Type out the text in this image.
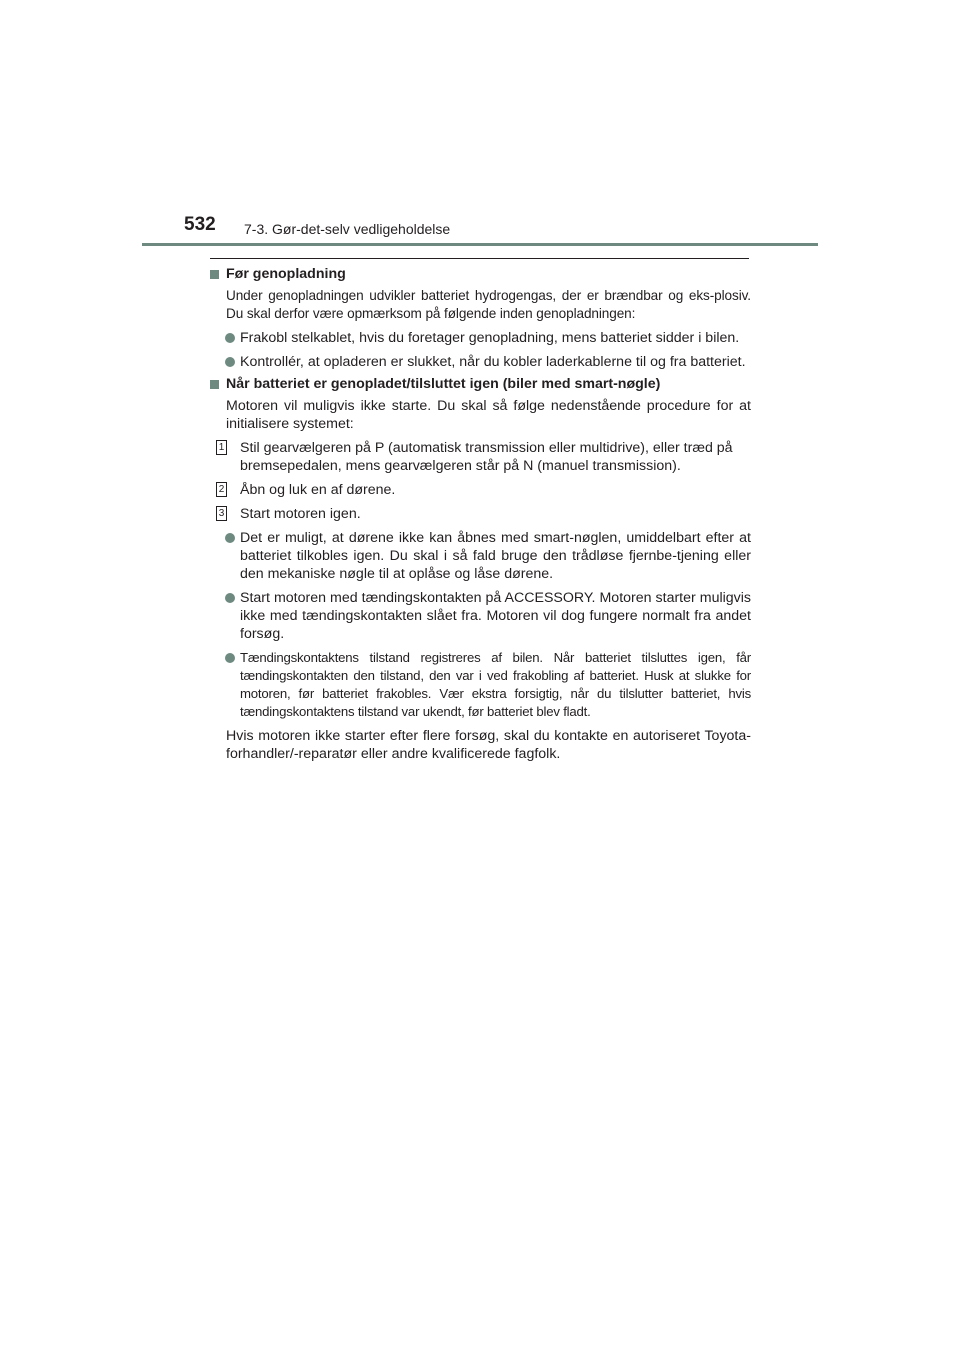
532 7-3. Gør-det-selv vedligeholdelse
Før genopladning
Under genopladningen udvikler batteriet hydrogengas, der er brændbar og eks-plosiv. Du skal derfor være opmærksom på følgende inden genopladningen:
Frakobl stelkablet, hvis du foretager genopladning, mens batteriet sidder i bilen.
Kontrollér, at opladeren er slukket, når du kobler laderkablerne til og fra batteriet.
Når batteriet er genopladet/tilsluttet igen (biler med smart-nøgle)
Motoren vil muligvis ikke starte. Du skal så følge nedenstående procedure for at initialisere systemet:
1 Stil gearvælgeren på P (automatisk transmission eller multidrive), eller træd på bremsepedalen, mens gearvælgeren står på N (manuel transmission).
2 Åbn og luk en af dørene.
3 Start motoren igen.
Det er muligt, at dørene ikke kan åbnes med smart-nøglen, umiddelbart efter at batteriet tilkobles igen. Du skal i så fald bruge den trådløse fjernbe-tjening eller den mekaniske nøgle til at oplåse og låse dørene.
Start motoren med tændingskontakten på ACCESSORY. Motoren starter muligvis ikke med tændingskontakten slået fra. Motoren vil dog fungere normalt fra andet forsøg.
Tændingskontaktens tilstand registreres af bilen. Når batteriet tilsluttes igen, får tændingskontakten den tilstand, den var i ved frakobling af batteriet. Husk at slukke for motoren, før batteriet frakobles. Vær ekstra forsigtig, når du tilslutter batteriet, hvis tændingskontaktens tilstand var ukendt, før batteriet blev fladt.
Hvis motoren ikke starter efter flere forsøg, skal du kontakte en autoriseret Toyota-forhandler/-reparatør eller andre kvalificerede fagfolk.
